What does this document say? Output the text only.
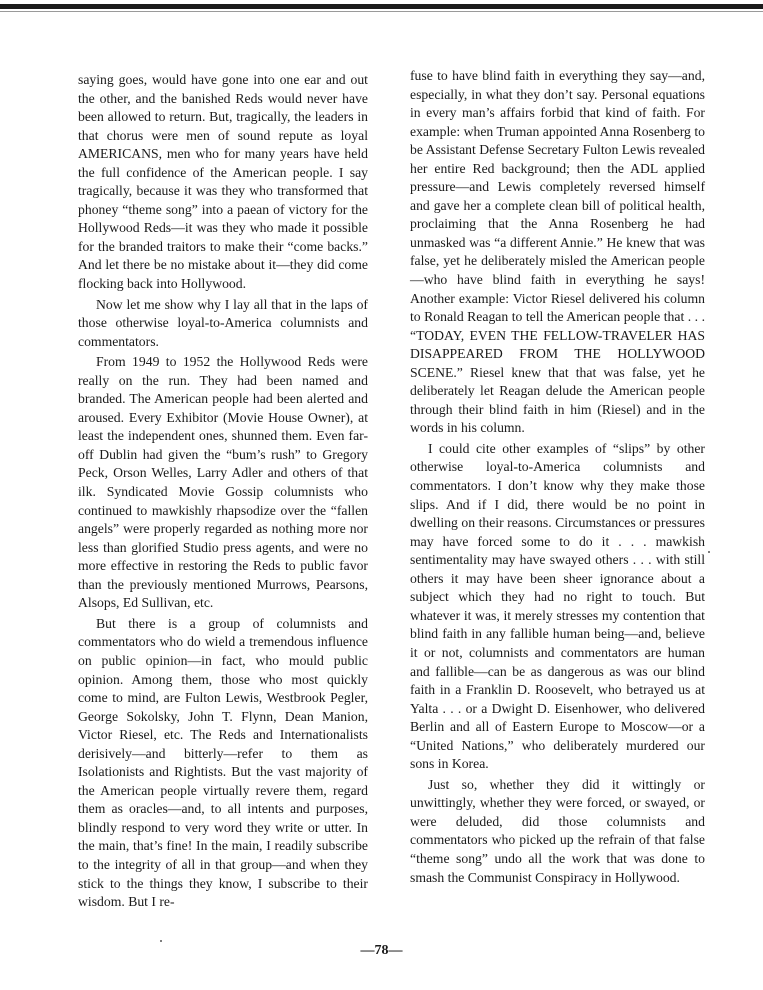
saying goes, would have gone into one ear and out the other, and the banished Reds would never have been allowed to return. But, tragically, the leaders in that chorus were men of sound repute as loyal AMERICANS, men who for many years have held the full confidence of the American people. I say tragically, because it was they who transformed that phoney “theme song” into a paean of victory for the Hollywood Reds—it was they who made it possible for the branded traitors to make their “come backs.” And let there be no mistake about it—they did come flocking back into Hollywood.

Now let me show why I lay all that in the laps of those otherwise loyal-to-America columnists and commentators.

From 1949 to 1952 the Hollywood Reds were really on the run. They had been named and branded. The American people had been alerted and aroused. Every Exhibitor (Movie House Owner), at least the independent ones, shunned them. Even far-off Dublin had given the “bum’s rush” to Gregory Peck, Orson Welles, Larry Adler and others of that ilk. Syndicated Movie Gossip columnists who continued to mawkishly rhapsodize over the “fallen angels” were properly regarded as nothing more nor less than glorified Studio press agents, and were no more effective in restoring the Reds to public favor than the previously mentioned Murrows, Pearsons, Alsops, Ed Sullivan, etc.

But there is a group of columnists and commentators who do wield a tremendous influence on public opinion—in fact, who mould public opinion. Among them, those who most quickly come to mind, are Fulton Lewis, Westbrook Pegler, George Sokolsky, John T. Flynn, Dean Manion, Victor Riesel, etc. The Reds and Internationalists derisively—and bitterly—refer to them as Isolationists and Rightists. But the vast majority of the American people virtually revere them, regard them as oracles—and, to all intents and purposes, blindly respond to very word they write or utter. In the main, that’s fine! In the main, I readily subscribe to the integrity of all in that group—and when they stick to the things they know, I subscribe to their wisdom. But I re-

fuse to have blind faith in everything they say—and, especially, in what they don’t say. Personal equations in every man’s affairs forbid that kind of faith. For example: when Truman appointed Anna Rosenberg to be Assistant Defense Secretary Fulton Lewis revealed her entire Red background; then the ADL applied pressure—and Lewis completely reversed himself and gave her a complete clean bill of political health, proclaiming that the Anna Rosenberg he had unmasked was “a different Annie.” He knew that was false, yet he deliberately misled the American people—who have blind faith in everything he says! Another example: Victor Riesel delivered his column to Ronald Reagan to tell the American people that . . . “TODAY, EVEN THE FELLOW-TRAVELER HAS DISAPPEARED FROM THE HOLLYWOOD SCENE.” Riesel knew that that was false, yet he deliberately let Reagan delude the American people through their blind faith in him (Riesel) and in the words in his column.

I could cite other examples of “slips” by other otherwise loyal-to-America columnists and commentators. I don’t know why they make those slips. And if I did, there would be no point in dwelling on their reasons. Circumstances or pressures may have forced some to do it . . . mawkish sentimentality may have swayed others . . . with still others it may have been sheer ignorance about a subject which they had no right to touch. But whatever it was, it merely stresses my contention that blind faith in any fallible human being—and, believe it or not, columnists and commentators are human and fallible—can be as dangerous as was our blind faith in a Franklin D. Roosevelt, who betrayed us at Yalta . . . or a Dwight D. Eisenhower, who delivered Berlin and all of Eastern Europe to Moscow—or a “United Nations,” who deliberately murdered our sons in Korea.

Just so, whether they did it wittingly or unwittingly, whether they were forced, or swayed, or were deluded, did those columnists and commentators who picked up the refrain of that false “theme song” undo all the work that was done to smash the Communist Conspiracy in Hollywood.

—78—
